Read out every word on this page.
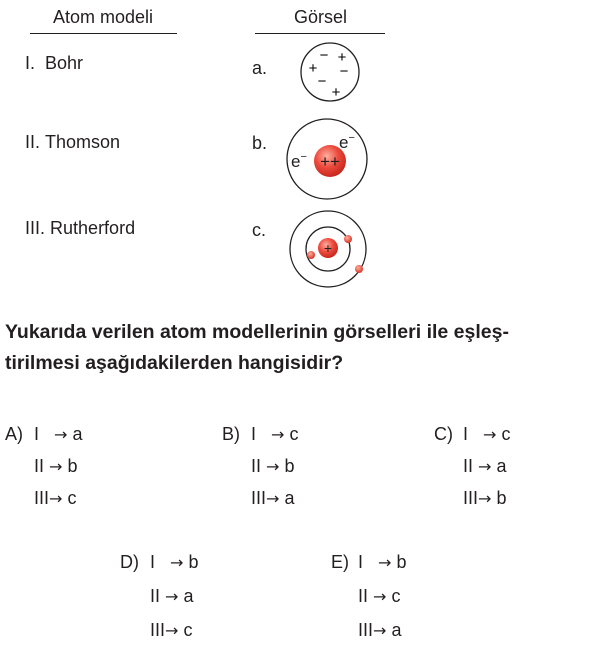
Atom modeli	Görsel
I. Bohr
II. Thomson
III. Rutherford
a.
b.
c.
− +
+ −
−
+
++
e−
e−
+
Yukarıda verilen atom modellerinin görselleri ile eşleş-
tirilmesi aşağıdakilerden hangisidir?
A) I → a
II → b
III→ c
B) I → c
II → b
III→ a
C) I → c
II → a
III→ b
D) I → b
II → a
III→ c
E) I → b
II → c
III→ a
